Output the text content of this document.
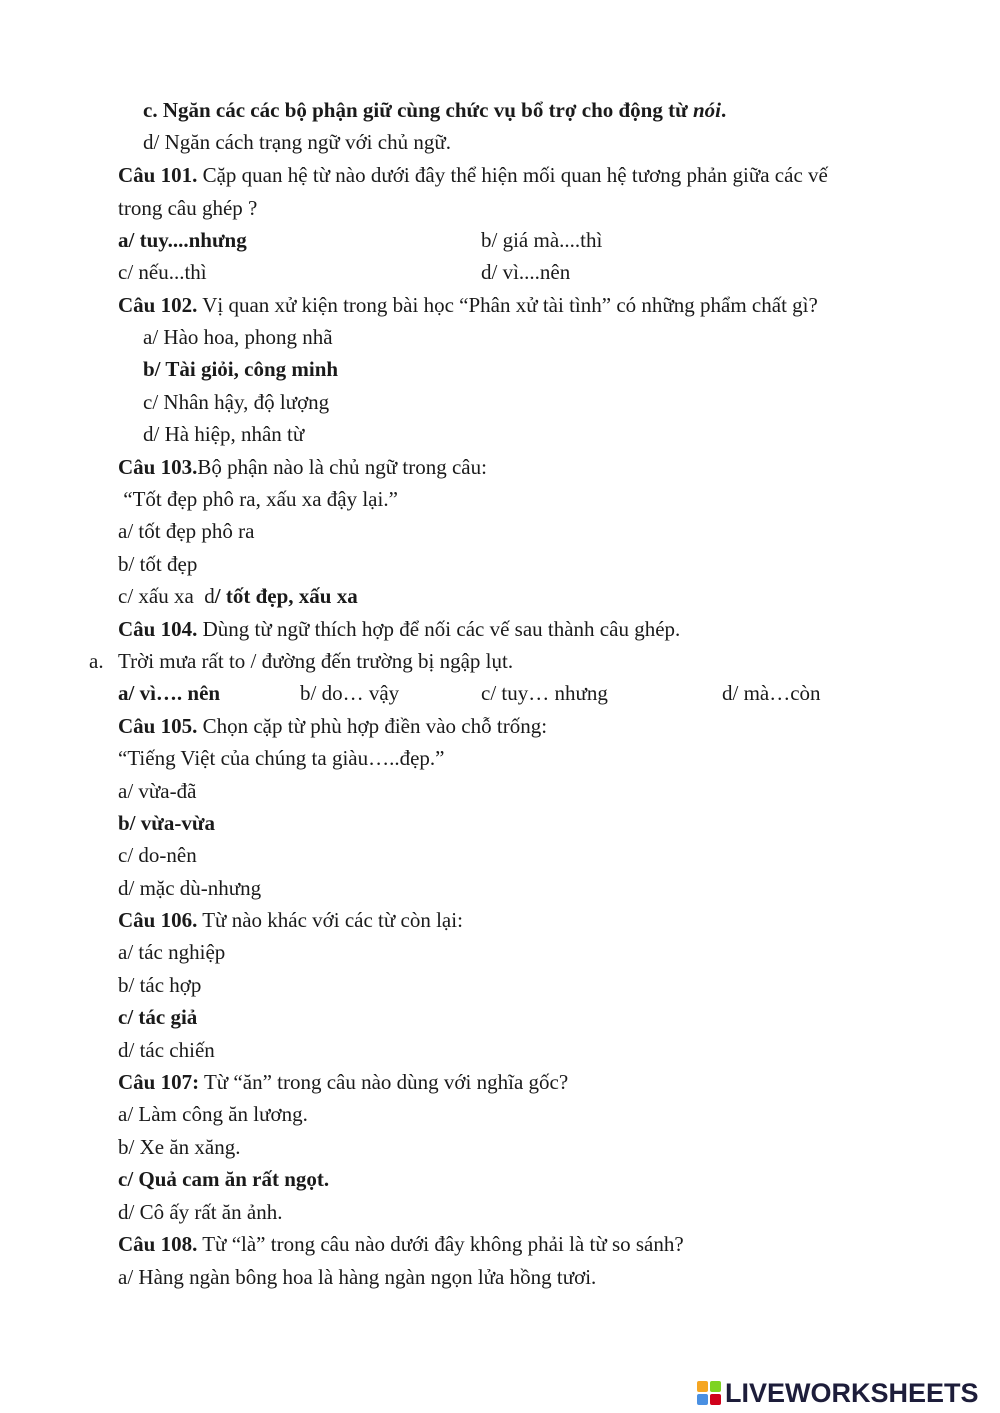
c. Ngăn các các bộ phận giữ cùng chức vụ bổ trợ cho động từ nói.
d/ Ngăn cách trạng ngữ với chủ ngữ.
Câu 101. Cặp quan hệ từ nào dưới đây thể hiện mối quan hệ tương phản giữa các vế
trong câu ghép ?
a/ tuy....nhưng	b/ giá mà....thì
c/ nếu...thì	d/ vì....nên
Câu 102. Vị quan xử kiện trong bài học “Phân xử tài tình” có những phẩm chất gì?
a/ Hào hoa, phong nhã
b/ Tài giỏi, công minh
c/ Nhân hậy, độ lượng
d/ Hà hiệp, nhân từ
Câu 103.Bộ phận nào là chủ ngữ trong câu:
“Tốt đẹp phô ra, xấu xa đậy lại.”
a/ tốt đẹp phô ra
b/ tốt đẹp
c/ xấu xa  d/ tốt đẹp, xấu xa
Câu 104. Dùng từ ngữ thích hợp để nối các vế sau thành câu ghép.
a. Trời mưa rất to / đường đến trường bị ngập lụt.
a/ vì…. nên	b/ do… vậy	c/ tuy… nhưng	d/ mà…còn
Câu 105. Chọn cặp từ phù hợp điền vào chỗ trống:
“Tiếng Việt của chúng ta giàu…..đẹp.”
a/ vừa-đã
b/ vừa-vừa
c/ do-nên
d/ mặc dù-nhưng
Câu 106. Từ nào khác với các từ còn lại:
a/ tác nghiệp
b/ tác hợp
c/ tác giả
d/ tác chiến
Câu 107: Từ “ăn” trong câu nào dùng với nghĩa gốc?
a/ Làm công ăn lương.
b/ Xe ăn xăng.
c/ Quả cam ăn rất ngọt.
d/ Cô ấy rất ăn ảnh.
Câu 108. Từ “là” trong câu nào dưới đây không phải là từ so sánh?
a/ Hàng ngàn bông hoa là hàng ngàn ngọn lửa hồng tươi.
LIVEWORKSHEETS
